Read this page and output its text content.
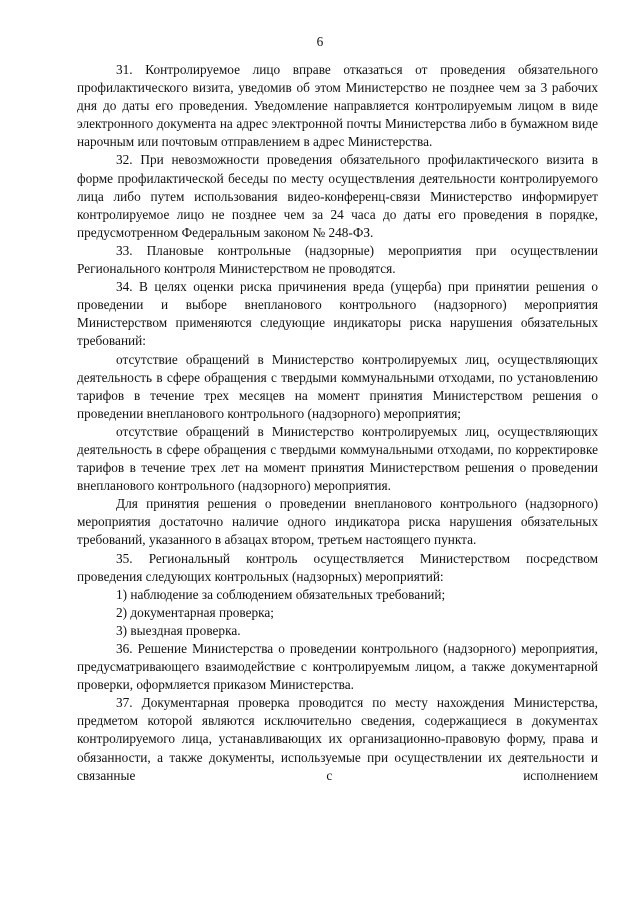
6

31. Контролируемое лицо вправе отказаться от проведения обязательного профилактического визита, уведомив об этом Министерство не позднее чем за 3 рабочих дня до даты его проведения. Уведомление направляется контролируемым лицом в виде электронного документа на адрес электронной почты Министерства либо в бумажном виде нарочным или почтовым отправлением в адрес Министерства.

32. При невозможности проведения обязательного профилактического визита в форме профилактической беседы по месту осуществления деятельности контролируемого лица либо путем использования видео-конференц-связи Министерство информирует контролируемое лицо не позднее чем за 24 часа до даты его проведения в порядке, предусмотренном Федеральным законом № 248-ФЗ.

33. Плановые контрольные (надзорные) мероприятия при осуществлении Регионального контроля Министерством не проводятся.

34. В целях оценки риска причинения вреда (ущерба) при принятии решения о проведении и выборе внепланового контрольного (надзорного) мероприятия Министерством применяются следующие индикаторы риска нарушения обязательных требований:

отсутствие обращений в Министерство контролируемых лиц, осуществляющих деятельность в сфере обращения с твердыми коммунальными отходами, по установлению тарифов в течение трех месяцев на момент принятия Министерством решения о проведении внепланового контрольного (надзорного) мероприятия;

отсутствие обращений в Министерство контролируемых лиц, осуществляющих деятельность в сфере обращения с твердыми коммунальными отходами, по корректировке тарифов в течение трех лет на момент принятия Министерством решения о проведении внепланового контрольного (надзорного) мероприятия.

Для принятия решения о проведении внепланового контрольного (надзорного) мероприятия достаточно наличие одного индикатора риска нарушения обязательных требований, указанного в абзацах втором, третьем настоящего пункта.

35. Региональный контроль осуществляется Министерством посредством проведения следующих контрольных (надзорных) мероприятий:

1) наблюдение за соблюдением обязательных требований;

2) документарная проверка;

3) выездная проверка.

36. Решение Министерства о проведении контрольного (надзорного) мероприятия, предусматривающего взаимодействие с контролируемым лицом, а также документарной проверки, оформляется приказом Министерства.

37. Документарная проверка проводится по месту нахождения Министерства, предметом которой являются исключительно сведения, содержащиеся в документах контролируемого лица, устанавливающих их организационно-правовую форму, права и обязанности, а также документы, используемые при осуществлении их деятельности и связанные с исполнением
